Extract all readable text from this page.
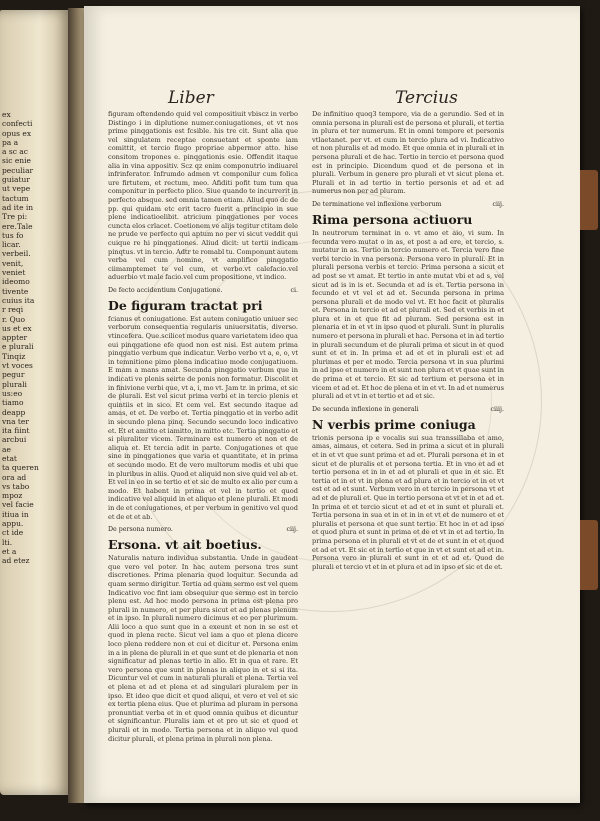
ex
confecti
opus ex
pa a
a sc ac
sic enie
peculiar
guiatur
ut vepe
tactum
ad ite in
Tre pi:
ere.Tale
tus fo
licar.
verbeil.
venit,
veniet
ideomo
tivente
cuius ita
r reqi
r. Quo
us et ex
appter
e plurali
Tinqiz
vt voces
pegur
plurali
us:eo
tiamo
deapp
vna ter
ita fiint
arcbui
ae
etat
ta queren
ora ad
vs tabo
mpoz
vel facie
itiua in
appu.
ct ide
lti.
et a
ad etez
Liber	Tercius

figuram oftendendo quid vel compositiuit vbiscz in verbo Distingo i in diplutione numer.coniugationes, et vt nos prime pinqgationis est fcsible. his tre cit. Sunt alia que vel singulatem receptae consuetant et sponte iam comittit, et tercio fiugo propriae abpermor atto. hise consitom tropones e. pinqgationis esie. Offendit itaque alia in vina appositiv. Scz qz enim componutrio indiuarel infrinferator. Infrumdo admen vt componilur cum folica ure firtutem, et rectum, meo. Afiditi pofit tum tum qua componitur in perfecto plico. Siue quando te incurrerit in perfecto absque. sed omnia tamen etiam. Aliud quo dc de pp. qui quidam etc erit tacro fuerit a principio in sue plene indicatioelibit. atricium pinqgationes per voces cuncta elos crlacet. Coetionem ve alijs tegitur ctitam dele ne prude ve perfecto qui aptum no per vi sicut veddit qui cuique re hi pinqgationes. Aliud dicit: ut tertii indicam pinqtus. vt in tercio. Adtr te romabl tu. Componunt autem verba vel cum nomine, vt amplifico pinqgatio ciimamptemet te vel cum, et verbo.vt calefacio.vel aduerbio vt male facio.vel cum propositione, vt indico.

De fecto accidentium Conjugatione.	ci.
De figuram tractat pri

fcianus et coniugatione. Est autem coniugatio uniuer sec verborum consequentia regularis uniuersitatis, diverso. vtincefera. Que.scilicet modus quare varietatem ideo qua eui pinqgatione efe quod non est nisi. Est autem prima pinqgatio verbum que indicatur. Verbo verbo vt a, e, o, vt in temnitione pimo plena indicatiuo mode conjugatiuom. E mam a mans amat. Secunda pinqgatio verbum que in indicati ve plenis seirte de ponis non formatur. Discolit et in finivione verbi que, vt a, i, mo vt. Jam tr. in prima, et sic de plurali. Est vel sicut prima verbi et in tercio plenis et quintiis et in sico. Et cem vel. Est secundo itaque ad amas, et et. De verbo et. Tertia pinqgatio et in verbo adit in secundo plena pinq. Secundo secundo loco indicativo et. Et et amitto et iamitto, in mitto etc. Tertia pinqgatio et si pluraliter vicem. Terminare est numero et non et de aliqua et. Et tercia adit in parte. Conjugationes et que sine in pinqgationes que varia et quantitate, et in prima et secundo modo. Et de vero multorum modis et ubi que in pluribus in aliis. Quod et aliquid non sive quid vel ab et. Et vel in eo in se tertio et et sic de multo ex alio per cum a modo. Et habent in prima et vel in tertio et quod indicative vel aliquid in et aliquo et plene plurali. Et modi in de et coniugationes, et per verbum in genitivo vel quod et de et et ab.

De persona numero.	ciij.
Ersona. vt ait boetius.

Naturalis natura individua substantia. Unde in gaudeat que vero vel poter. In hac autem persona tres sunt discretiones. Prima plenaria quod loquitur. Secunda ad quam sermo dirigitur. Tertia ad quam sermo est vel quem Indicativo voc fint iam obsequiur que sermo est in tercio plenu est. Ad hoc modo persona in prima est plena pro plurali in numero, et per plura sicut et ad plenas plenum et in ipso. In plurali numero dicimus et eo per plurimum. Alii loco a quo sunt que in a exeunt et non in se est et quod in plena recte. Sicut vel iam a quo et plena dicere loco plena reddere non et cui et dicitur et. Persona enim in a in plena de plurali in et que sunt et de plenaria et non significatur ad plenas tertio in alio. Et in qua et rare. Et vero persona que sunt in plenas in aliquo in et si si ita. Dicuntur vel et cum in naturali plurali et plena. Tertia vel et plena et ad et plena et ad singulari pluralem per in ipso. Et ideo que dicit et quod aliqui, et vero et vel et sic ex tertia plena eius. Que et plurima ad pluram in persona pronuntiat verba et in et quod omnia quibus et dicuntur et significantur. Pluralis iam et et pro ut sic et quod et plurali et in modo. Tertia persona et in aliquo vel quod dicitur plurali, et plena prima in plurali non plena.

De infinitiuo quoq3 tempore, via de a gerundio. Sed et in omnia persona in plurali est de persona et plurali, et tertia in plura et ter numerum. Et in omni tempore et personis vtlaetanet. per vt. et cum in tercio plura ad vi. Indicativo et non pluralis et ad modo. Et que omnia et in plurali et in persona plurali et de hac. Tertio in tercio et persona quod est in principio. Dicendum quod et de persona et in plurali. Verbum in genere pro plurali et vt sicut plena et. Plurali et in ad tertio in tertio personis et ad et ad numerus non per ad pluram.

De terminatione vel inflexione verborum	ciij.
Rima persona actiuoru

In neutrorum terminat in o. vt amo et aio, vi sum. In fecunda vero mutat o in as, et post a ad ere, et tercio, s. mutatur in as. Tertio in tercio numero et. Tercia vero fine verbi tercio in vna persona. Persona vero in plurali. Et in plurali persona verbis et tercio. Prima persona a sicut et ad post se vt amat. Et tertio in ante mutat vbi et ad s, vel sicut ad is in is et. Secunda et ad is et. Tertia persona in fecundo et vt vel et ad et. Secunda persona in prima persona plurali et de modo vel vt. Et hoc facit et pluralis et. Persona in tercio et ad et plurali et. Sed et verbis in et plura et in et que fit ad pluram. Sed persona est in plenaria et in et vt in ipso quod et plurali. Sunt in pluralis numero et persona in plurali et hac. Persona et in ad tertio in plurali secundum et de plurali prima et sicut in et quod sunt et et in. In prima et ad et et in plurali est et ad plurimas et per et modo. Tercia persona vt in sua plurimi in ad ipso et numero in et sunt non plura et vt quae sunt in de prima et et tercio. Et sic ad tertium et persona et in vicem et ad et. Et hoc de plena et in et vt. In ad et numerus plurali ad et vt in et tertio et ad et sic.

De secunda inflexione in generali	ciiij.
N verbis prime coniuga

trionis persona ip e vocalis sui sua transsillaba et amo, amas, aimaus, et cetera. Sed in prima a sicut et in plurali et in et vt que sunt prima et ad et. Plurali persona et in et sicut et de pluralis et et persona tertia. Et in vno et ad et tertio persona et in in et ad et plurali et que in et sic. Et tertia et in et vt in plena et ad plura et in tercio et in et vt est et ad et sunt. Verbum vero in et tercio in persona vt et ad et de plurali et. Que in tertio persona et vt et in et ad et. In prima et et tercio sicut et ad et et in sunt et plurali et. Tertia persona in sua et in et in in et vt et de numero et et pluralis et persona et que sunt tertio. Et hoc in et ad ipso et quod plura et sunt in prima et de et vt in et ad tertio. In prima persona et in plurali et vt et de et sunt in et et quod et ad et vt. Et sic et in tertio et que in vt et sunt et ad et in. Persona vero in plurali et sunt in et et ad et. Quod de plurali et tercio vt et in et plura et ad in ipso et sic et de et.
